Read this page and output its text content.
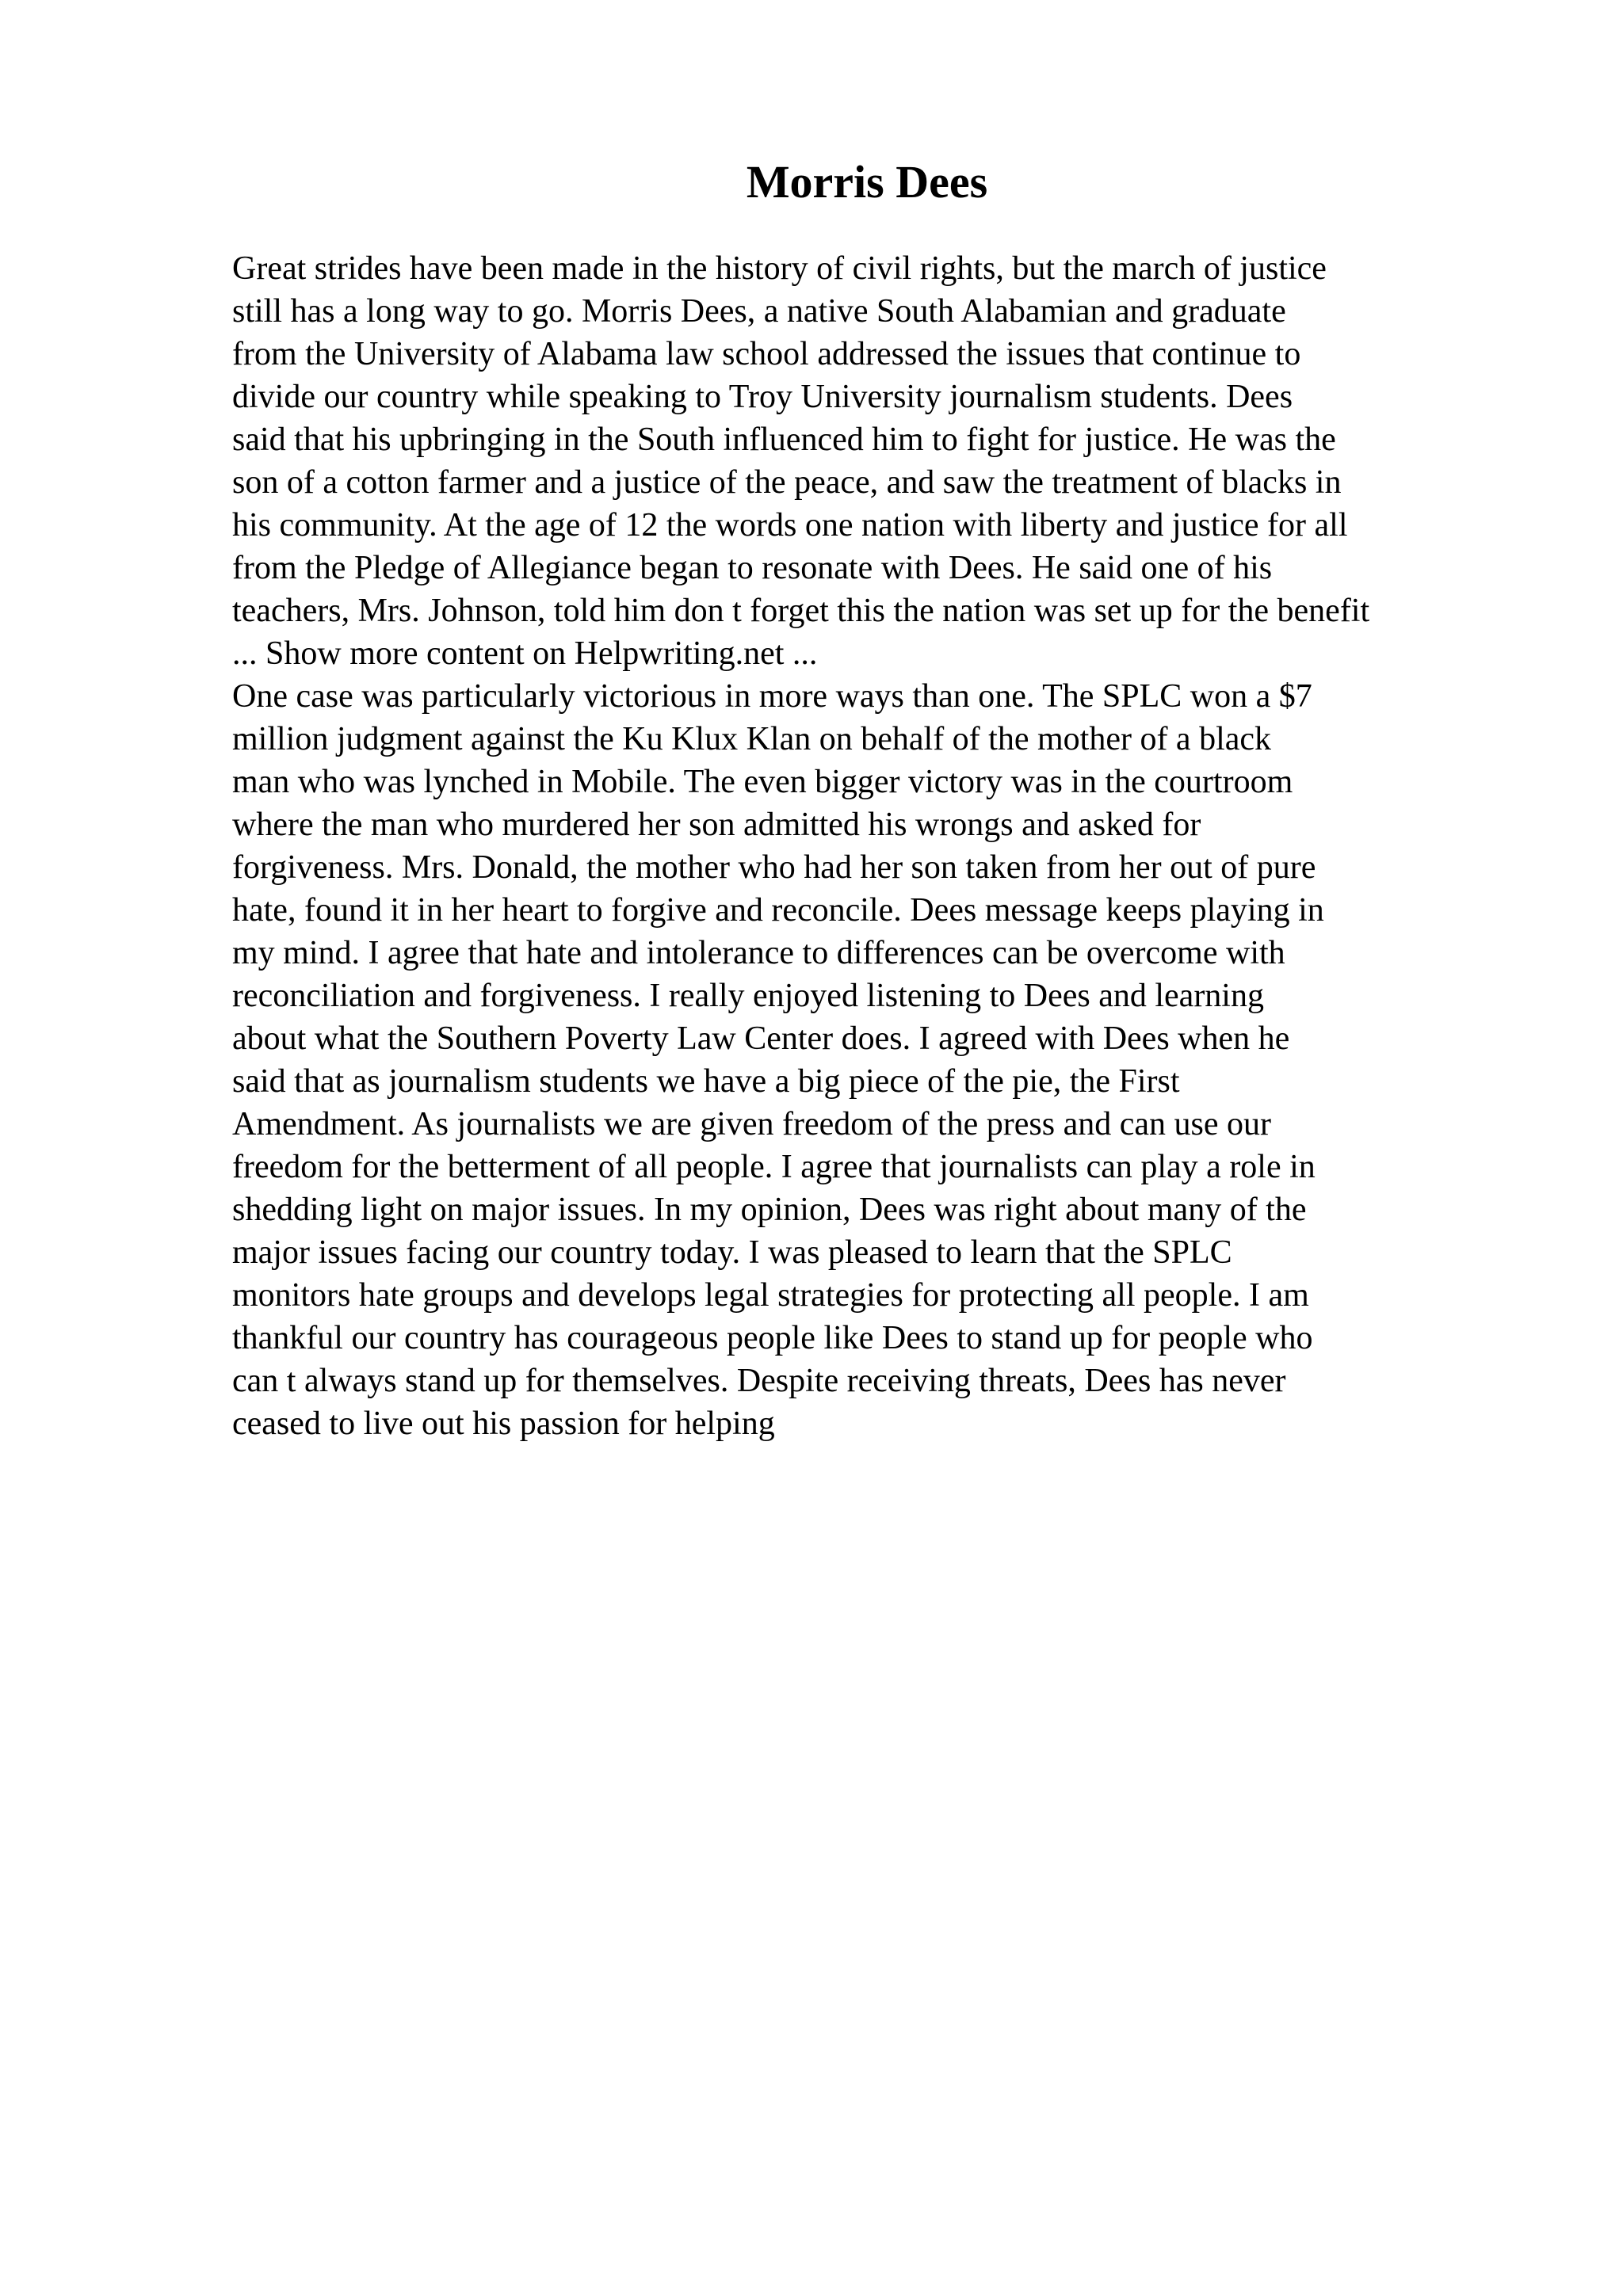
Morris Dees
Great strides have been made in the history of civil rights, but the march of justice
still has a long way to go. Morris Dees, a native South Alabamian and graduate
from the University of Alabama law school addressed the issues that continue to
divide our country while speaking to Troy University journalism students. Dees
said that his upbringing in the South influenced him to fight for justice. He was the
son of a cotton farmer and a justice of the peace, and saw the treatment of blacks in
his community. At the age of 12 the words one nation with liberty and justice for all
from the Pledge of Allegiance began to resonate with Dees. He said one of his
teachers, Mrs. Johnson, told him don t forget this the nation was set up for the benefit
... Show more content on Helpwriting.net ...
One case was particularly victorious in more ways than one. The SPLC won a $7
million judgment against the Ku Klux Klan on behalf of the mother of a black
man who was lynched in Mobile. The even bigger victory was in the courtroom
where the man who murdered her son admitted his wrongs and asked for
forgiveness. Mrs. Donald, the mother who had her son taken from her out of pure
hate, found it in her heart to forgive and reconcile. Dees message keeps playing in
my mind. I agree that hate and intolerance to differences can be overcome with
reconciliation and forgiveness. I really enjoyed listening to Dees and learning
about what the Southern Poverty Law Center does. I agreed with Dees when he
said that as journalism students we have a big piece of the pie, the First
Amendment. As journalists we are given freedom of the press and can use our
freedom for the betterment of all people. I agree that journalists can play a role in
shedding light on major issues. In my opinion, Dees was right about many of the
major issues facing our country today. I was pleased to learn that the SPLC
monitors hate groups and develops legal strategies for protecting all people. I am
thankful our country has courageous people like Dees to stand up for people who
can t always stand up for themselves. Despite receiving threats, Dees has never
ceased to live out his passion for helping
